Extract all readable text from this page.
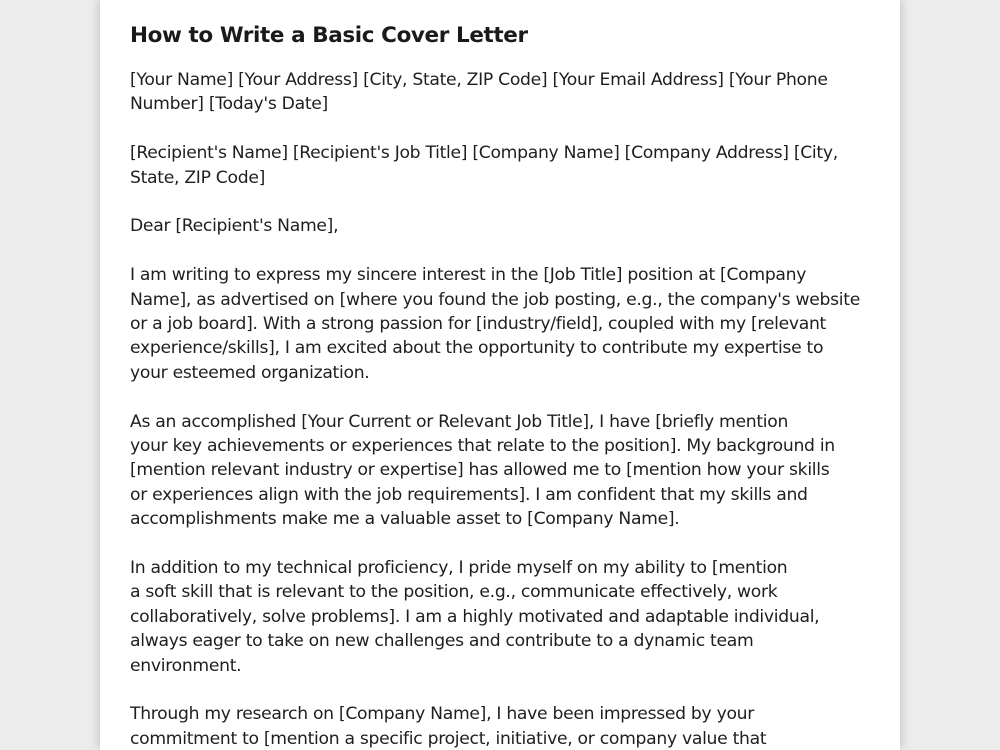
How to Write a Basic Cover Letter
[Your Name] [Your Address] [City, State, ZIP Code] [Your Email Address] [Your Phone
Number] [Today's Date]
[Recipient's Name] [Recipient's Job Title] [Company Name] [Company Address] [City,
State, ZIP Code]
Dear [Recipient's Name],
I am writing to express my sincere interest in the [Job Title] position at [Company
Name], as advertised on [where you found the job posting, e.g., the company's website
or a job board]. With a strong passion for [industry/field], coupled with my [relevant
experience/skills], I am excited about the opportunity to contribute my expertise to
your esteemed organization.
As an accomplished [Your Current or Relevant Job Title], I have [briefly mention
your key achievements or experiences that relate to the position]. My background in
[mention relevant industry or expertise] has allowed me to [mention how your skills
or experiences align with the job requirements]. I am confident that my skills and
accomplishments make me a valuable asset to [Company Name].
In addition to my technical proficiency, I pride myself on my ability to [mention
a soft skill that is relevant to the position, e.g., communicate effectively, work
collaboratively, solve problems]. I am a highly motivated and adaptable individual,
always eager to take on new challenges and contribute to a dynamic team
environment.
Through my research on [Company Name], I have been impressed by your
commitment to [mention a specific project, initiative, or company value that
